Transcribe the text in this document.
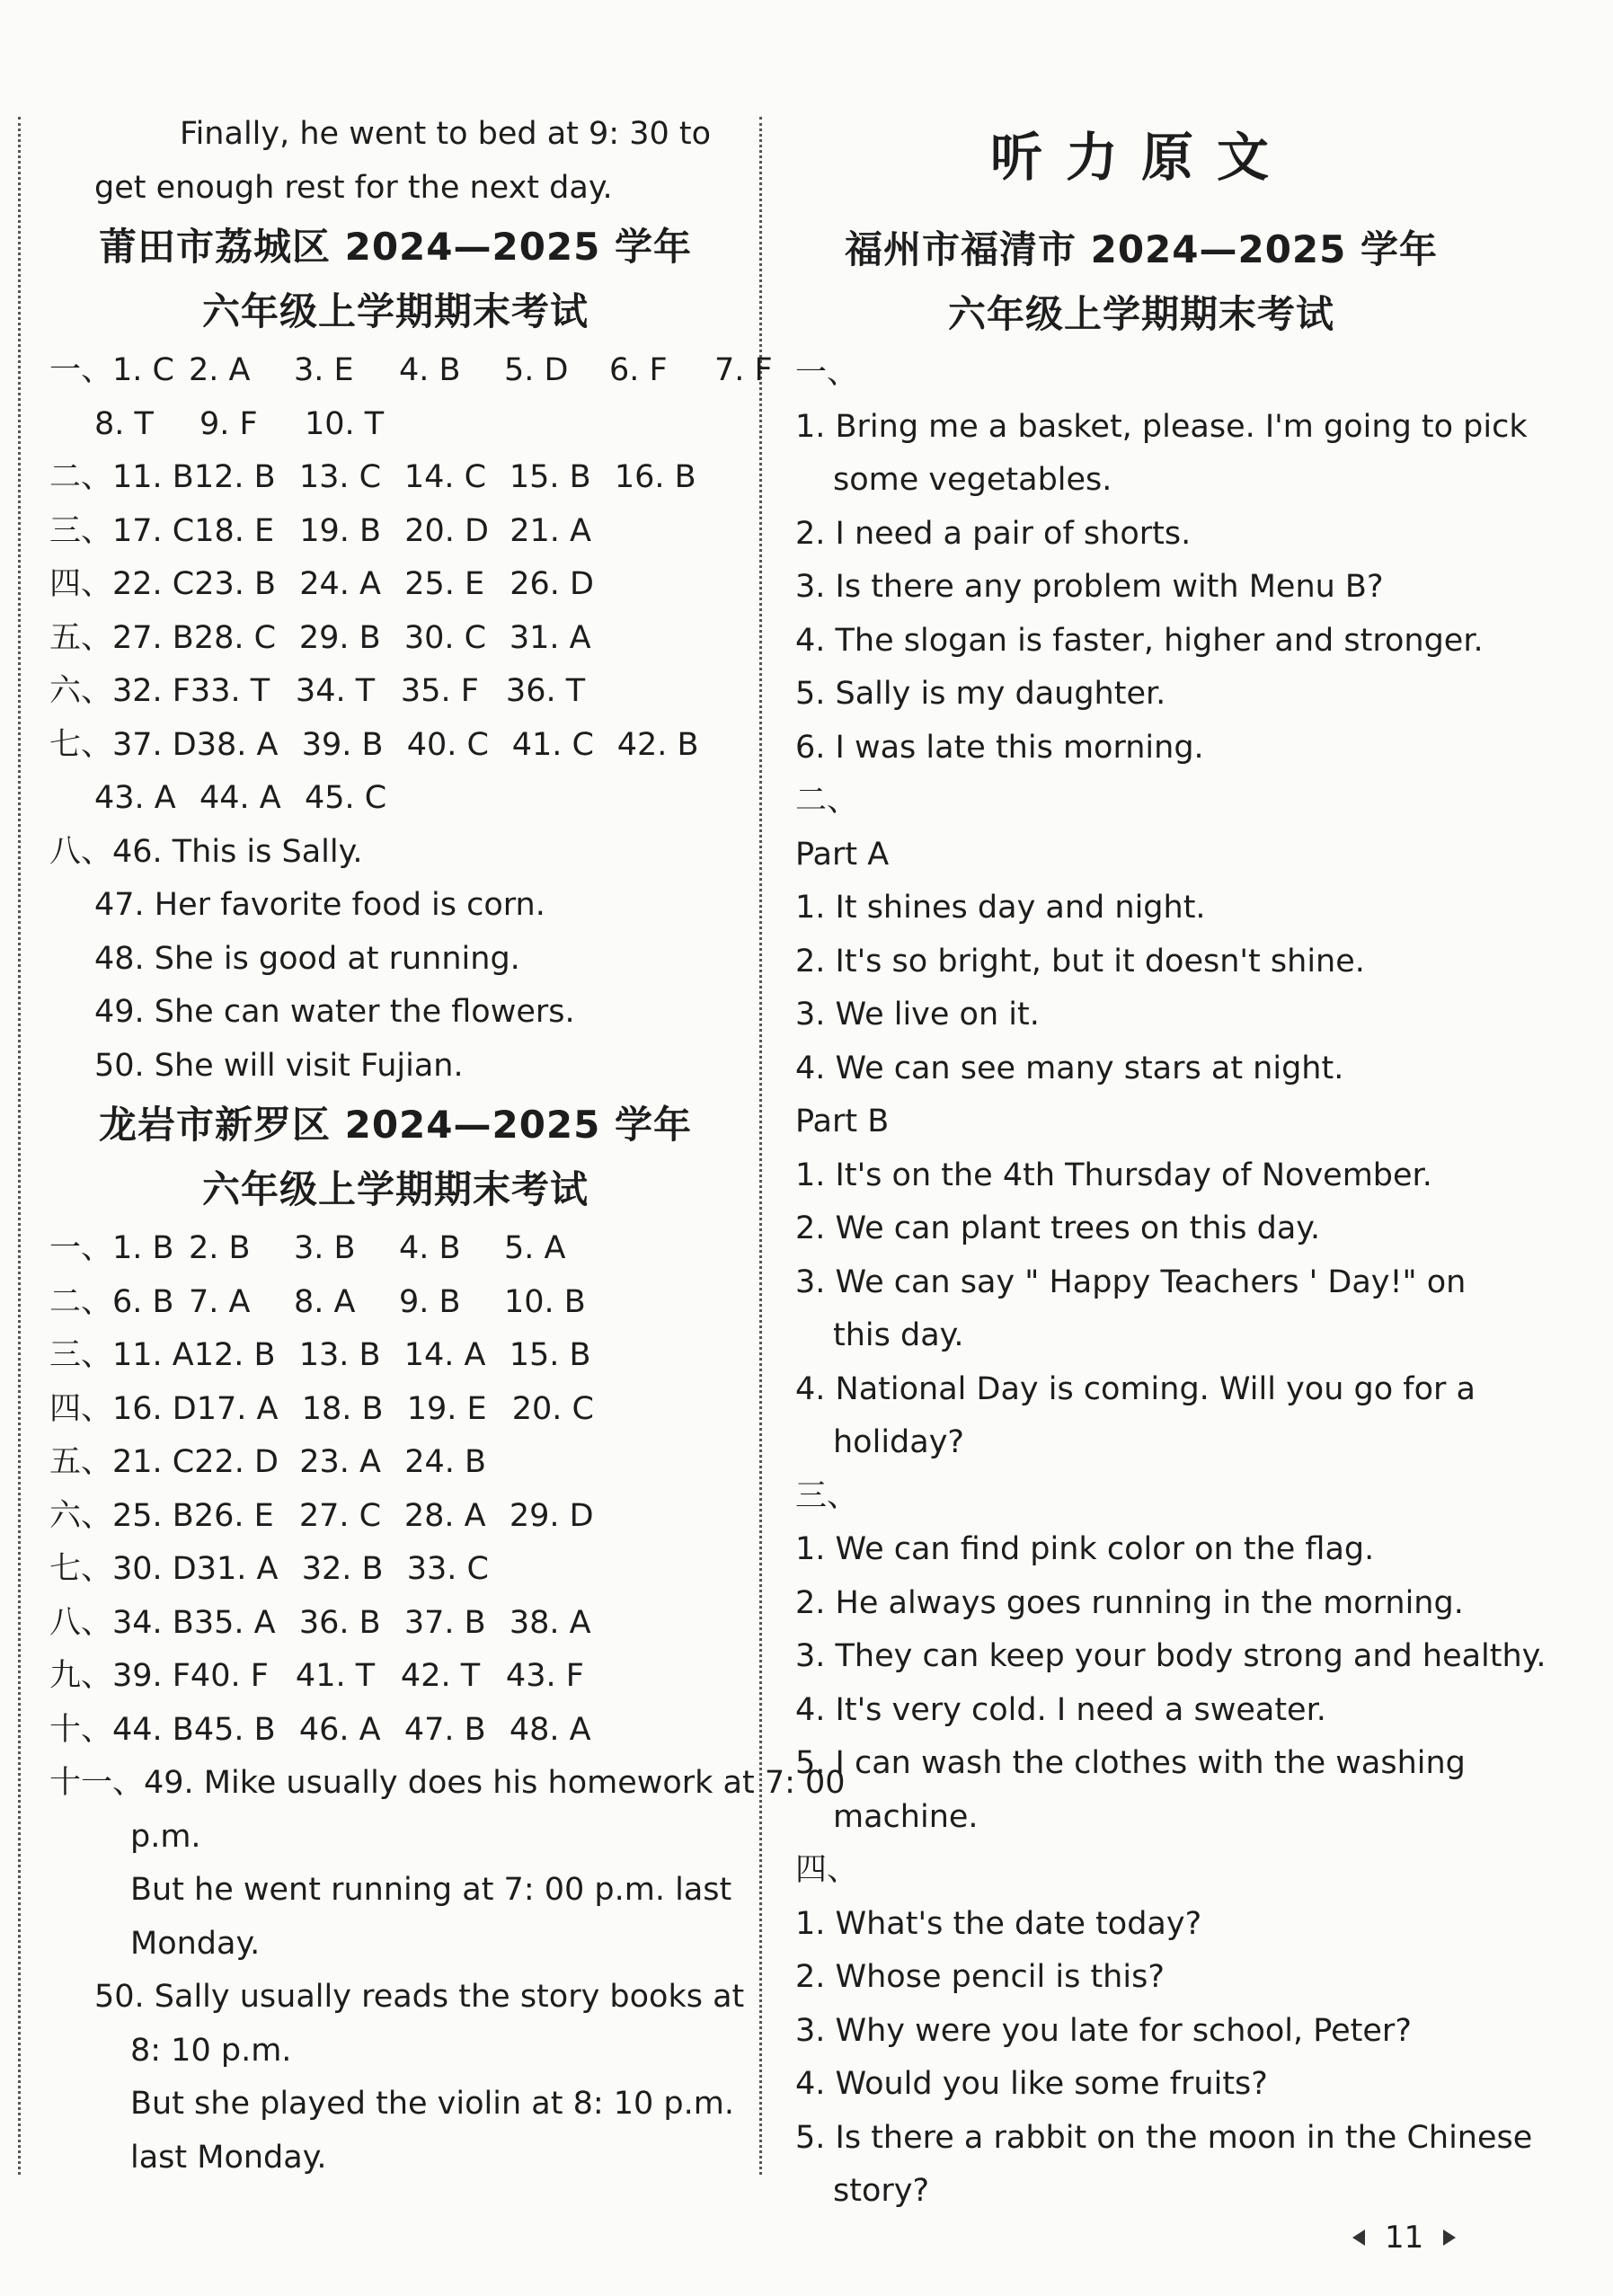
Finally, he went to bed at 9: 30 to
get enough rest for the next day.
莆田市荔城区 2024—2025 学年
六年级上学期期末考试
一、1. C 2. A 3. E 4. B 5. D 6. F 7. F
8. T 9. F 10. T
二、11. B12. B 13. C 14. C 15. B 16. B
三、17. C18. E 19. B 20. D 21. A
四、22. C23. B 24. A 25. E 26. D
五、27. B28. C 29. B 30. C 31. A
六、32. F33. T 34. T 35. F 36. T
七、37. D38. A 39. B 40. C 41. C 42. B
43. A 44. A 45. C
八、46. This is Sally.
47. Her favorite food is corn.
48. She is good at running.
49. She can water the flowers.
50. She will visit Fujian.
龙岩市新罗区 2024—2025 学年
六年级上学期期末考试
一、1. B 2. B 3. B 4. B 5. A
二、6. B 7. A 8. A 9. B 10. B
三、11. A12. B 13. B 14. A 15. B
四、16. D17. A 18. B 19. E 20. C
五、21. C22. D 23. A 24. B
六、25. B26. E 27. C 28. A 29. D
七、30. D31. A 32. B 33. C
八、34. B35. A 36. B 37. B 38. A
九、39. F40. F 41. T 42. T 43. F
十、44. B45. B 46. A 47. B 48. A
十一、49. Mike usually does his homework at 7: 00
p.m.
But he went running at 7: 00 p.m. last
Monday.
50. Sally usually reads the story books at
8: 10 p.m.
But she played the violin at 8: 10 p.m.
last Monday.
听力原文
福州市福清市 2024—2025 学年
六年级上学期期末考试
一、
1. Bring me a basket, please. I'm going to pick
some vegetables.
2. I need a pair of shorts.
3. Is there any problem with Menu B?
4. The slogan is faster, higher and stronger.
5. Sally is my daughter.
6. I was late this morning.
二、
Part A
1. It shines day and night.
2. It's so bright, but it doesn't shine.
3. We live on it.
4. We can see many stars at night.
Part B
1. It's on the 4th Thursday of November.
2. We can plant trees on this day.
3. We can say " Happy Teachers ' Day!" on
this day.
4. National Day is coming. Will you go for a
holiday?
三、
1. We can find pink color on the flag.
2. He always goes running in the morning.
3. They can keep your body strong and healthy.
4. It's very cold. I need a sweater.
5. I can wash the clothes with the washing
machine.
四、
1. What's the date today?
2. Whose pencil is this?
3. Why were you late for school, Peter?
4. Would you like some fruits?
5. Is there a rabbit on the moon in the Chinese
story?
11
